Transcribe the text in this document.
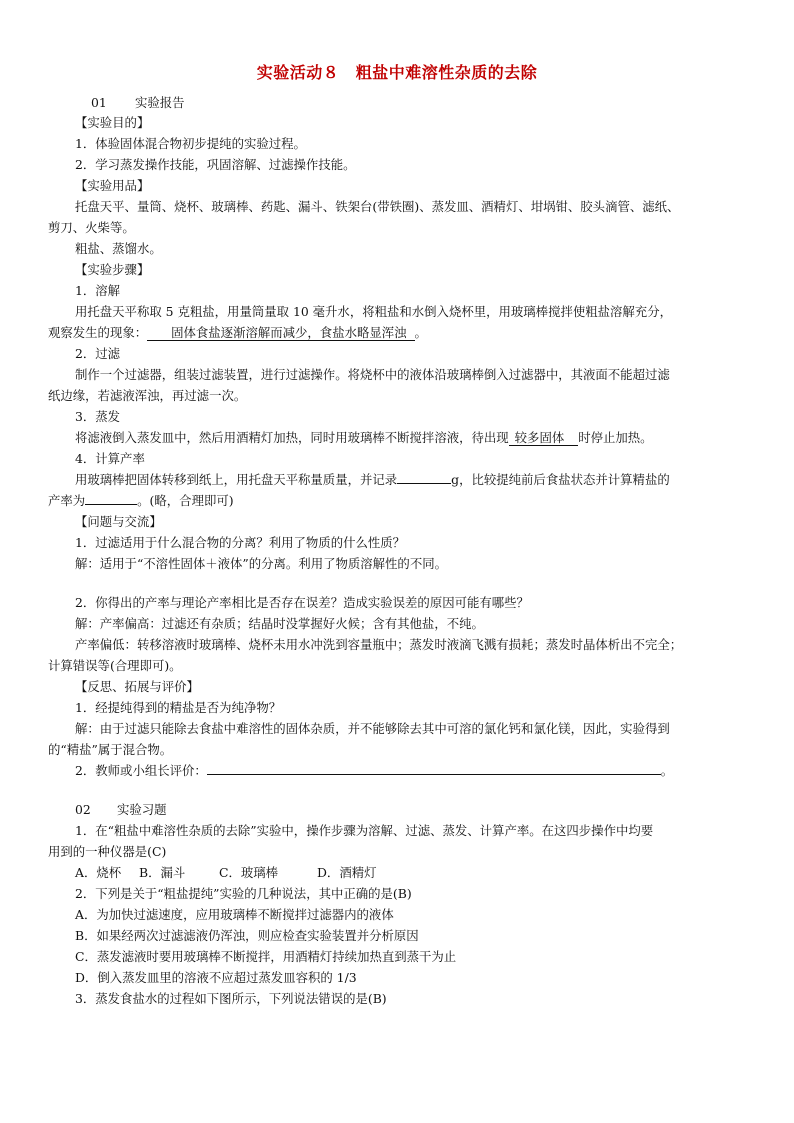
实验活动８　粗盐中难溶性杂质的去除
01 实验报告
【实验目的】
1．体验固体混合物初步提纯的实验过程。
2．学习蒸发操作技能，巩固溶解、过滤操作技能。
【实验用品】
托盘天平、量筒、烧杯、玻璃棒、药匙、漏斗、铁架台(带铁圈)、蒸发皿、酒精灯、坩埚钳、胶头滴管、滤纸、
剪刀、火柴等。
粗盐、蒸馏水。
【实验步骤】
1．溶解
用托盘天平称取 5 克粗盐，用量筒量取 10 毫升水，将粗盐和水倒入烧杯里，用玻璃棒搅拌使粗盐溶解充分，
观察发生的现象： 固体食盐逐渐溶解而减少，食盐水略显浑浊 。
2．过滤
制作一个过滤器，组装过滤装置，进行过滤操作。将烧杯中的液体沿玻璃棒倒入过滤器中，其液面不能超过滤
纸边缘，若滤液浑浊，再过滤一次。
3．蒸发
将滤液倒入蒸发皿中，然后用酒精灯加热，同时用玻璃棒不断搅拌溶液，待出现 较多固体 时停止加热。
4．计算产率
用玻璃棒把固体转移到纸上，用托盘天平称量质量，并记录	g，比较提纯前后食盐状态并计算精盐的
产率为	。(略，合理即可)
【问题与交流】
1．过滤适用于什么混合物的分离？利用了物质的什么性质？
解：适用于“不溶性固体＋液体”的分离。利用了物质溶解性的不同。
2．你得出的产率与理论产率相比是否存在误差？造成实验误差的原因可能有哪些？
解：产率偏高：过滤还有杂质；结晶时没掌握好火候；含有其他盐，不纯。
产率偏低：转移溶液时玻璃棒、烧杯未用水冲洗到容量瓶中；蒸发时液滴飞溅有损耗；蒸发时晶体析出不完全；
计算错误等(合理即可)。
【反思、拓展与评价】
1．经提纯得到的精盐是否为纯净物？
解：由于过滤只能除去食盐中难溶性的固体杂质，并不能够除去其中可溶的氯化钙和氯化镁，因此，实验得到
的“精盐”属于混合物。
2．教师或小组长评价：	。
02 实验习题
1．在“粗盐中难溶性杂质的去除”实验中，操作步骤为溶解、过滤、蒸发、计算产率。在这四步操作中均要
用到的一种仪器是(C)
A．烧杯 B．漏斗	C．玻璃棒	D．酒精灯
2．下列是关于“粗盐提纯”实验的几种说法，其中正确的是(B)
A．为加快过滤速度，应用玻璃棒不断搅拌过滤器内的液体
B．如果经两次过滤滤液仍浑浊，则应检查实验装置并分析原因
C．蒸发滤液时要用玻璃棒不断搅拌，用酒精灯持续加热直到蒸干为止
D．倒入蒸发皿里的溶液不应超过蒸发皿容积的 1/3
3．蒸发食盐水的过程如下图所示，下列说法错误的是(B)
